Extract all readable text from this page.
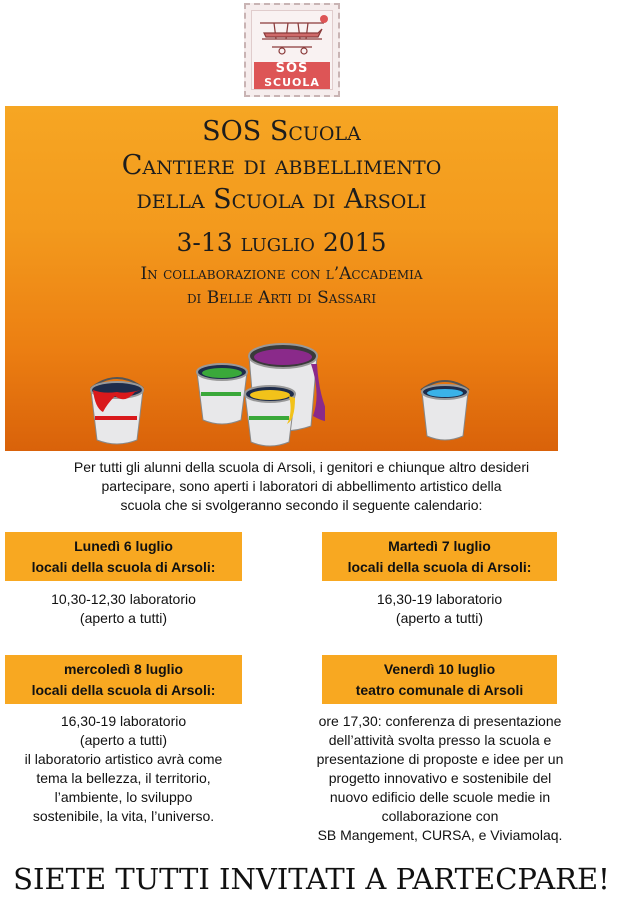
SOS
SCUOLA
SOS Scuola
Cantiere di abbellimento
della Scuola di Arsoli
3-13 luglio 2015
In collaborazione con l’Accademia
di Belle Arti di Sassari
Per tutti gli alunni della scuola di Arsoli, i genitori e chiunque altro desideri
partecipare, sono aperti i laboratori di abbellimento artistico della
scuola che si svolgeranno secondo il seguente calendario:
Lunedì 6 luglio
locali della scuola di Arsoli:
10,30-12,30 laboratorio
(aperto a tutti)
Martedì 7 luglio
locali della scuola di Arsoli:
16,30-19 laboratorio
(aperto a tutti)
mercoledì 8 luglio
locali della scuola di Arsoli:
16,30-19 laboratorio
(aperto a tutti)
il laboratorio artistico avrà come
tema la bellezza, il territorio,
l’ambiente, lo sviluppo
sostenibile, la vita, l’universo.
Venerdì 10 luglio
teatro comunale di Arsoli
ore 17,30: conferenza di presentazione
dell’attività svolta presso la scuola e
presentazione di proposte e idee per un
progetto innovativo e sostenibile del
nuovo edificio delle scuole medie in
collaborazione con
SB Mangement, CURSA, e Viviamolaq.
SIETE TUTTI INVITATI A PARTECPARE!
